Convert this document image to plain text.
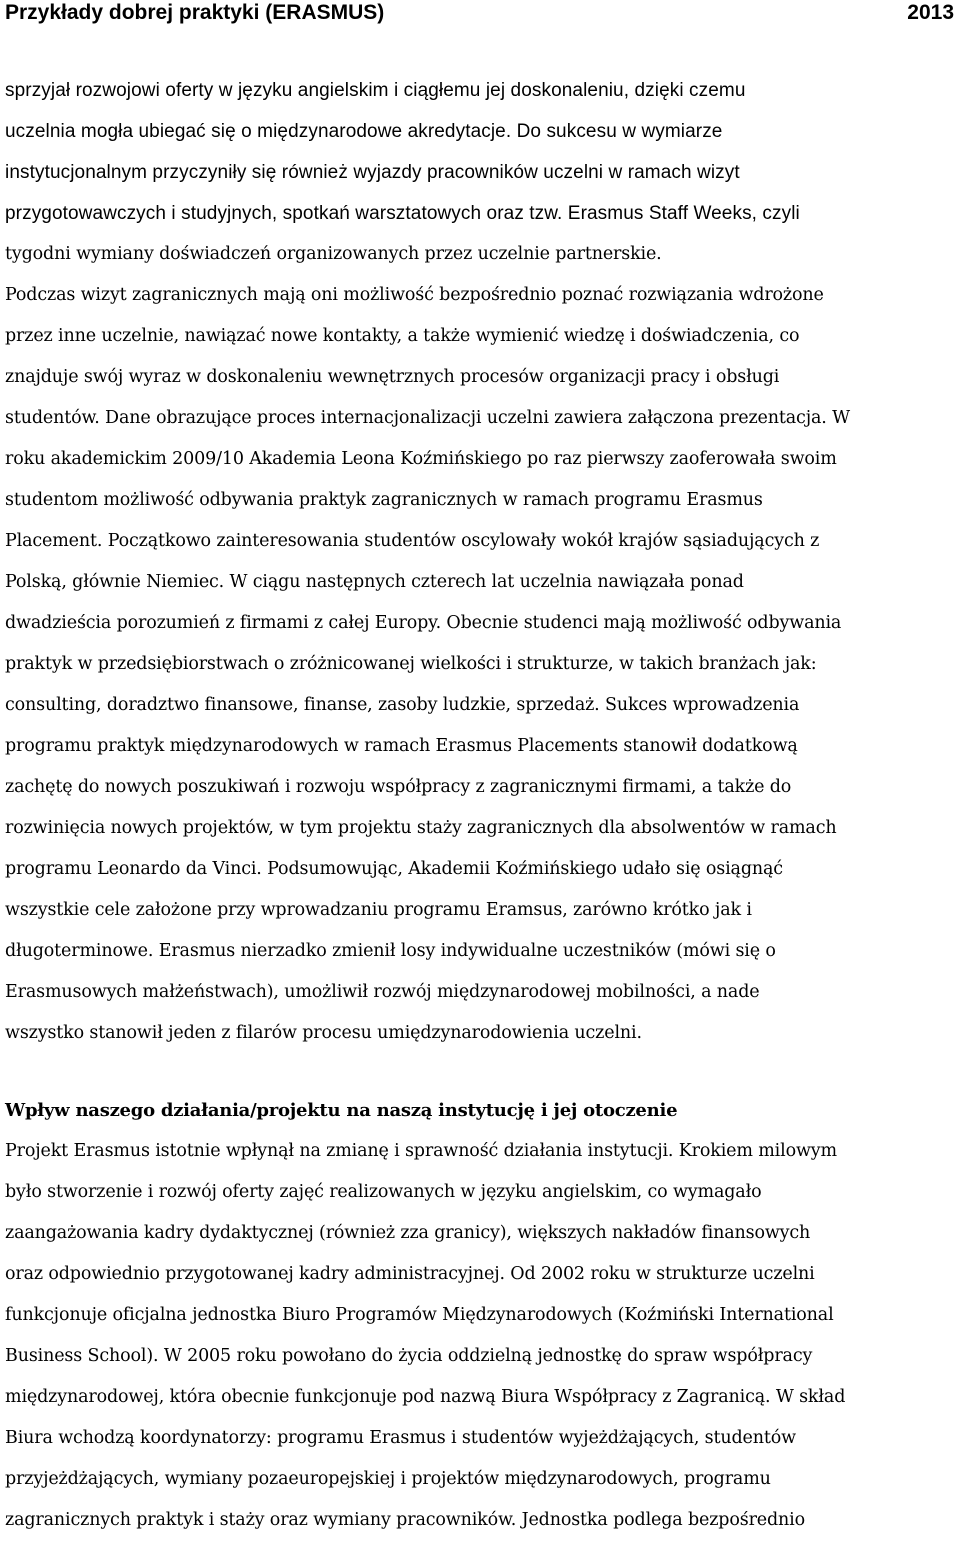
Przykłady dobrej praktyki (ERASMUS)	2013
sprzyjał rozwojowi oferty w języku angielskim i ciągłemu jej doskonaleniu, dzięki czemu
uczelnia mogła ubiegać się o międzynarodowe akredytacje. Do sukcesu w wymiarze
instytucjonalnym przyczyniły się również wyjazdy pracowników uczelni w ramach wizyt
przygotowawczych i studyjnych, spotkań warsztatowych oraz tzw. Erasmus Staff Weeks, czyli
tygodni wymiany doświadczeń organizowanych przez uczelnie partnerskie.
Podczas wizyt zagranicznych mają oni możliwość bezpośrednio poznać rozwiązania wdrożone
przez inne uczelnie, nawiązać nowe kontakty, a także wymienić wiedzę i doświadczenia, co
znajduje swój wyraz w doskonaleniu wewnętrznych procesów organizacji pracy i obsługi
studentów. Dane obrazujące proces internacjonalizacji uczelni zawiera załączona prezentacja. W
roku akademickim 2009/10 Akademia Leona Koźmińskiego po raz pierwszy zaoferowała swoim
studentom możliwość odbywania praktyk zagranicznych w ramach programu Erasmus
Placement. Początkowo zainteresowania studentów oscylowały wokół krajów sąsiadujących z
Polską, głównie Niemiec. W ciągu następnych czterech lat uczelnia nawiązała ponad
dwadzieścia porozumień z firmami z całej Europy. Obecnie studenci mają możliwość odbywania
praktyk w przedsiębiorstwach o zróżnicowanej wielkości i strukturze, w takich branżach jak:
consulting, doradztwo finansowe, finanse, zasoby ludzkie, sprzedaż. Sukces wprowadzenia
programu praktyk międzynarodowych w ramach Erasmus Placements stanowił dodatkową
zachętę do nowych poszukiwań i rozwoju współpracy z zagranicznymi firmami, a także do
rozwinięcia nowych projektów, w tym projektu staży zagranicznych dla absolwentów w ramach
programu Leonardo da Vinci. Podsumowując, Akademii Koźmińskiego udało się osiągnąć
wszystkie cele założone przy wprowadzaniu programu Eramsus, zarówno krótko jak i
długoterminowe. Erasmus nierzadko zmienił losy indywidualne uczestników (mówi się o
Erasmusowych małżeństwach), umożliwił rozwój międzynarodowej mobilności, a nade
wszystko stanowił jeden z filarów procesu umiędzynarodowienia uczelni.
Wpływ naszego działania/projektu na naszą instytucję i jej otoczenie
Projekt Erasmus istotnie wpłynął na zmianę i sprawność działania instytucji. Krokiem milowym
było stworzenie i rozwój oferty zajęć realizowanych w języku angielskim, co wymagało
zaangażowania kadry dydaktycznej (również zza granicy), większych nakładów finansowych
oraz odpowiednio przygotowanej kadry administracyjnej. Od 2002 roku w strukturze uczelni
funkcjonuje oficjalna jednostka Biuro Programów Międzynarodowych (Koźmiński International
Business School). W 2005 roku powołano do życia oddzielną jednostkę do spraw współpracy
międzynarodowej, która obecnie funkcjonuje pod nazwą Biura Współpracy z Zagranicą. W skład
Biura wchodzą koordynatorzy: programu Erasmus i studentów wyjeżdżających, studentów
przyjeżdżających, wymiany pozaeuropejskiej i projektów międzynarodowych, programu
zagranicznych praktyk i staży oraz wymiany pracowników. Jednostka podlega bezpośrednio
